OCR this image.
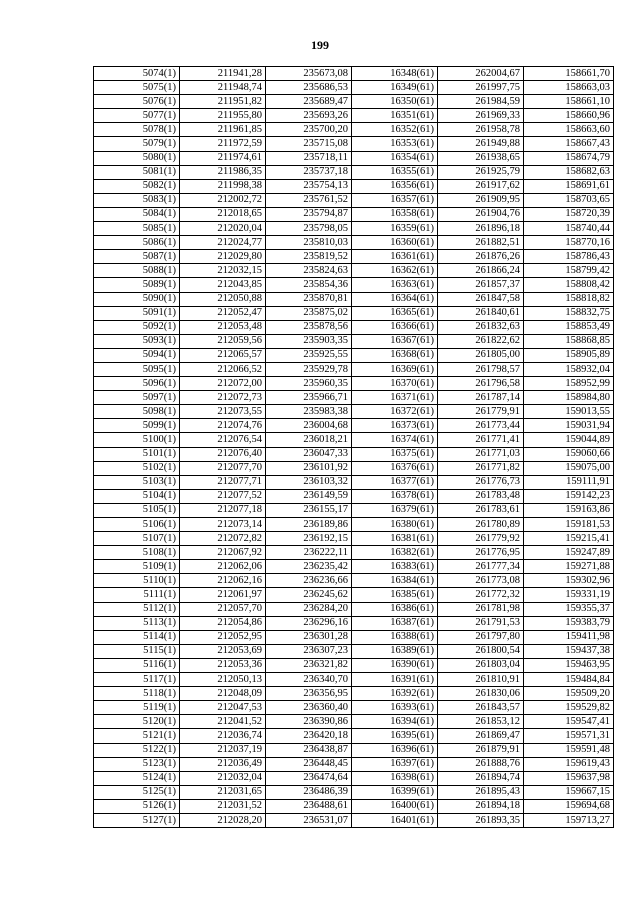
199
5074(1)	211941,28	235673,08	16348(61)	262004,67	158661,70
5075(1)	211948,74	235686,53	16349(61)	261997,75	158663,03
5076(1)	211951,82	235689,47	16350(61)	261984,59	158661,10
5077(1)	211955,80	235693,26	16351(61)	261969,33	158660,96
5078(1)	211961,85	235700,20	16352(61)	261958,78	158663,60
5079(1)	211972,59	235715,08	16353(61)	261949,88	158667,43
5080(1)	211974,61	235718,11	16354(61)	261938,65	158674,79
5081(1)	211986,35	235737,18	16355(61)	261925,79	158682,63
5082(1)	211998,38	235754,13	16356(61)	261917,62	158691,61
5083(1)	212002,72	235761,52	16357(61)	261909,95	158703,65
5084(1)	212018,65	235794,87	16358(61)	261904,76	158720,39
5085(1)	212020,04	235798,05	16359(61)	261896,18	158740,44
5086(1)	212024,77	235810,03	16360(61)	261882,51	158770,16
5087(1)	212029,80	235819,52	16361(61)	261876,26	158786,43
5088(1)	212032,15	235824,63	16362(61)	261866,24	158799,42
5089(1)	212043,85	235854,36	16363(61)	261857,37	158808,42
5090(1)	212050,88	235870,81	16364(61)	261847,58	158818,82
5091(1)	212052,47	235875,02	16365(61)	261840,61	158832,75
5092(1)	212053,48	235878,56	16366(61)	261832,63	158853,49
5093(1)	212059,56	235903,35	16367(61)	261822,62	158868,85
5094(1)	212065,57	235925,55	16368(61)	261805,00	158905,89
5095(1)	212066,52	235929,78	16369(61)	261798,57	158932,04
5096(1)	212072,00	235960,35	16370(61)	261796,58	158952,99
5097(1)	212072,73	235966,71	16371(61)	261787,14	158984,80
5098(1)	212073,55	235983,38	16372(61)	261779,91	159013,55
5099(1)	212074,76	236004,68	16373(61)	261773,44	159031,94
5100(1)	212076,54	236018,21	16374(61)	261771,41	159044,89
5101(1)	212076,40	236047,33	16375(61)	261771,03	159060,66
5102(1)	212077,70	236101,92	16376(61)	261771,82	159075,00
5103(1)	212077,71	236103,32	16377(61)	261776,73	159111,91
5104(1)	212077,52	236149,59	16378(61)	261783,48	159142,23
5105(1)	212077,18	236155,17	16379(61)	261783,61	159163,86
5106(1)	212073,14	236189,86	16380(61)	261780,89	159181,53
5107(1)	212072,82	236192,15	16381(61)	261779,92	159215,41
5108(1)	212067,92	236222,11	16382(61)	261776,95	159247,89
5109(1)	212062,06	236235,42	16383(61)	261777,34	159271,88
5110(1)	212062,16	236236,66	16384(61)	261773,08	159302,96
5111(1)	212061,97	236245,62	16385(61)	261772,32	159331,19
5112(1)	212057,70	236284,20	16386(61)	261781,98	159355,37
5113(1)	212054,86	236296,16	16387(61)	261791,53	159383,79
5114(1)	212052,95	236301,28	16388(61)	261797,80	159411,98
5115(1)	212053,69	236307,23	16389(61)	261800,54	159437,38
5116(1)	212053,36	236321,82	16390(61)	261803,04	159463,95
5117(1)	212050,13	236340,70	16391(61)	261810,91	159484,84
5118(1)	212048,09	236356,95	16392(61)	261830,06	159509,20
5119(1)	212047,53	236360,40	16393(61)	261843,57	159529,82
5120(1)	212041,52	236390,86	16394(61)	261853,12	159547,41
5121(1)	212036,74	236420,18	16395(61)	261869,47	159571,31
5122(1)	212037,19	236438,87	16396(61)	261879,91	159591,48
5123(1)	212036,49	236448,45	16397(61)	261888,76	159619,43
5124(1)	212032,04	236474,64	16398(61)	261894,74	159637,98
5125(1)	212031,65	236486,39	16399(61)	261895,43	159667,15
5126(1)	212031,52	236488,61	16400(61)	261894,18	159694,68
5127(1)	212028,20	236531,07	16401(61)	261893,35	159713,27
